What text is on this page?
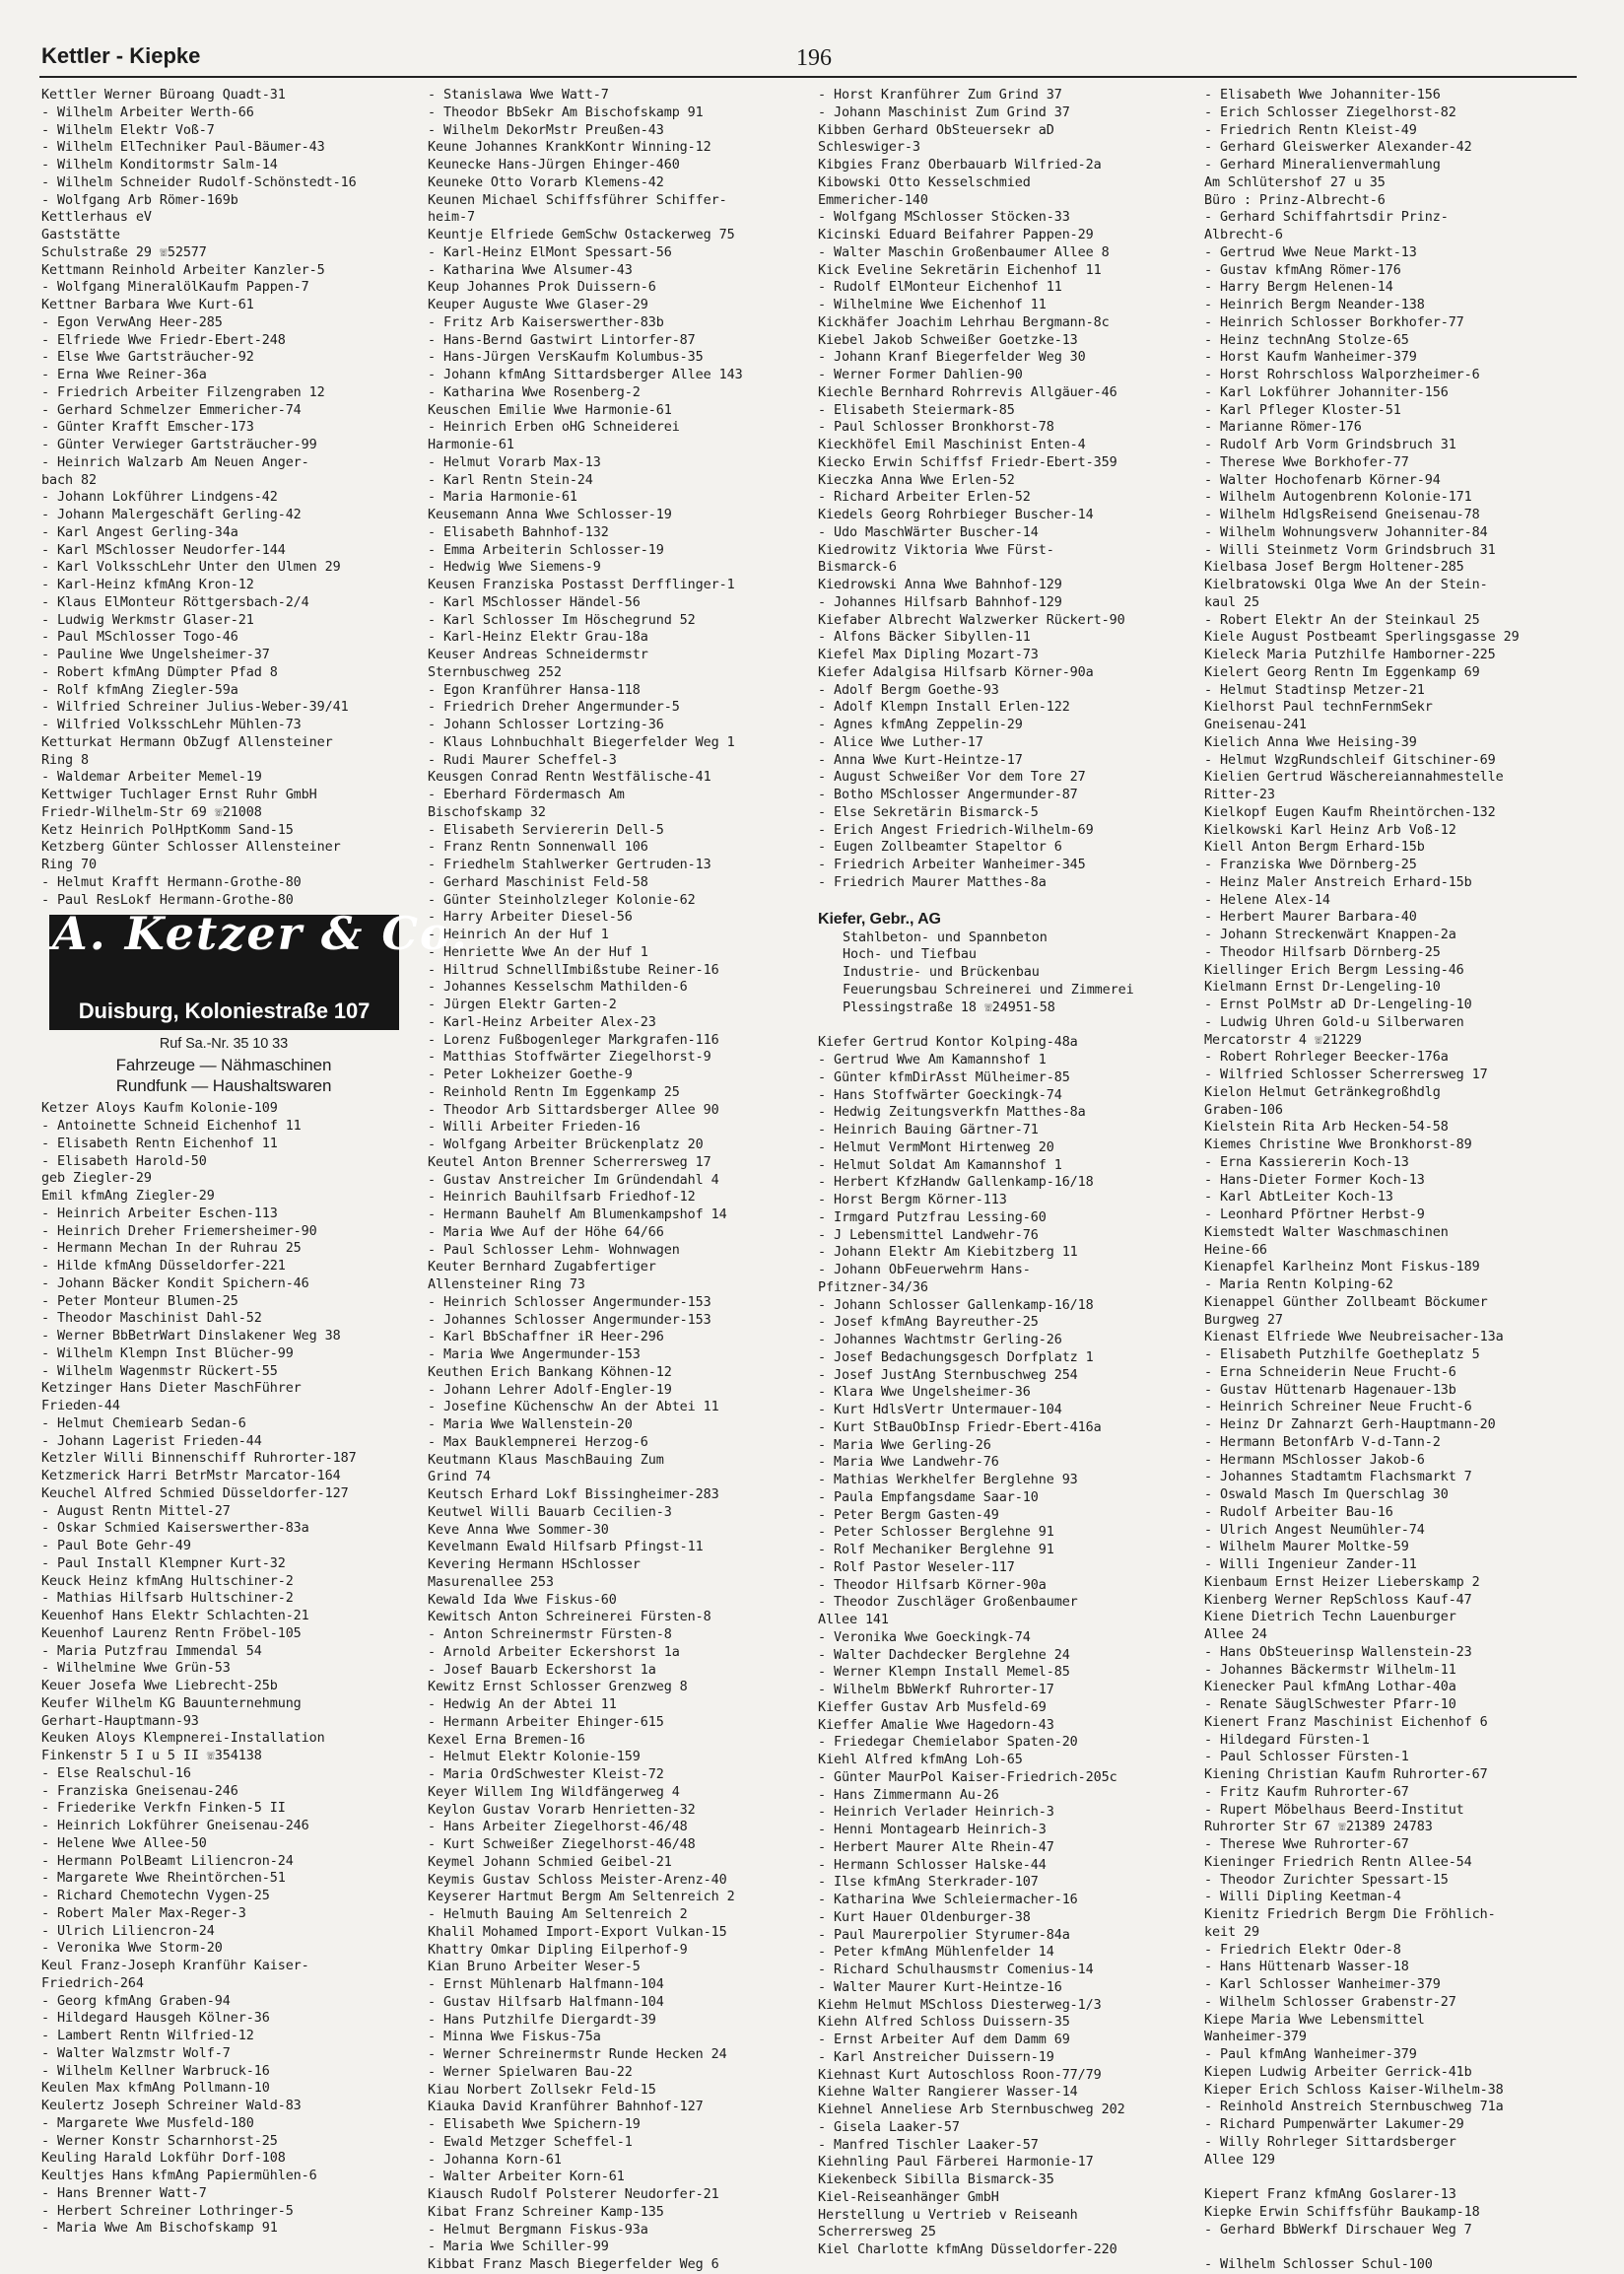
Kettler - Kiepke	196
Kettler Werner Büroang Quadt-31
- Wilhelm Arbeiter Werth-66
- Wilhelm Elektr Voß-7
- Wilhelm ElTechniker Paul-Bäumer-43
- Wilhelm Konditormstr Salm-14
- Wilhelm Schneider Rudolf-Schönstedt-16
- Wolfgang Arb Römer-169b
Kettlerhaus eV
Gaststätte
Schulstraße 29 ☏52577
Kettmann Reinhold Arbeiter Kanzler-5
- Wolfgang MineralölKaufm Pappen-7
Kettner Barbara Wwe Kurt-61
- Egon VerwAng Heer-285
- Elfriede Wwe Friedr-Ebert-248
- Else Wwe Gartsträucher-92
- Erna Wwe Reiner-36a
- Friedrich Arbeiter Filzengraben 12
- Gerhard Schmelzer Emmericher-74
- Günter Krafft Emscher-173
- Günter Verwieger Gartsträucher-99
- Heinrich Walzarb Am Neuen Anger-
bach 82
- Johann Lokführer Lindgens-42
- Johann Malergeschäft Gerling-42
- Karl Angest Gerling-34a
- Karl MSchlosser Neudorfer-144
- Karl VolksschLehr Unter den Ulmen 29
- Karl-Heinz kfmAng Kron-12
- Klaus ElMonteur Röttgersbach-2/4
- Ludwig Werkmstr Glaser-21
- Paul MSchlosser Togo-46
- Pauline Wwe Ungelsheimer-37
- Robert kfmAng Dümpter Pfad 8
- Rolf kfmAng Ziegler-59a
- Wilfried Schreiner Julius-Weber-39/41
- Wilfried VolksschLehr Mühlen-73
Ketturkat Hermann ObZugf Allensteiner
Ring 8
- Waldemar Arbeiter Memel-19
Kettwiger Tuchlager Ernst Ruhr GmbH
Friedr-Wilhelm-Str 69 ☏21008
Ketz Heinrich PolHptKomm Sand-15
Ketzberg Günter Schlosser Allensteiner
Ring 70
- Helmut Krafft Hermann-Grothe-80
- Paul ResLokf Hermann-Grothe-80
A. Ketzer & Co.
Duisburg, Koloniestraße 107
Ruf Sa.-Nr. 35 10 33
Fahrzeuge — Nähmaschinen
Rundfunk — Haushaltswaren
Ketzer Aloys Kaufm Kolonie-109
- Antoinette Schneid Eichenhof 11
- Elisabeth Rentn Eichenhof 11
- Elisabeth Harold-50
geb Ziegler-29
Emil kfmAng Ziegler-29
- Heinrich Arbeiter Eschen-113
- Heinrich Dreher Friemersheimer-90
- Hermann Mechan In der Ruhrau 25
- Hilde kfmAng Düsseldorfer-221
- Johann Bäcker Kondit Spichern-46
- Peter Monteur Blumen-25
- Theodor Maschinist Dahl-52
- Werner BbBetrWart Dinslakener Weg 38
- Wilhelm Klempn Inst Blücher-99
- Wilhelm Wagenmstr Rückert-55
Ketzinger Hans Dieter MaschFührer
Frieden-44
- Helmut Chemiearb Sedan-6
- Johann Lagerist Frieden-44
Ketzler Willi Binnenschiff Ruhrorter-187
Ketzmerick Harri BetrMstr Marcator-164
Keuchel Alfred Schmied Düsseldorfer-127
- August Rentn Mittel-27
- Oskar Schmied Kaiserswerther-83a
- Paul Bote Gehr-49
- Paul Install Klempner Kurt-32
Keuck Heinz kfmAng Hultschiner-2
- Mathias Hilfsarb Hultschiner-2
Keuenhof Hans Elektr Schlachten-21
Keuenhof Laurenz Rentn Fröbel-105
- Maria Putzfrau Immendal 54
- Wilhelmine Wwe Grün-53
Keuer Josefa Wwe Liebrecht-25b
Keufer Wilhelm KG Bauunternehmung
Gerhart-Hauptmann-93
Keuken Aloys Klempnerei-Installation
Finkenstr 5 I u 5 II ☏354138
- Else Realschul-16
- Franziska Gneisenau-246
- Friederike Verkfn Finken-5 II
- Heinrich Lokführer Gneisenau-246
- Helene Wwe Allee-50
- Hermann PolBeamt Liliencron-24
- Margarete Wwe Rheintörchen-51
- Richard Chemotechn Vygen-25
- Robert Maler Max-Reger-3
- Ulrich Liliencron-24
- Veronika Wwe Storm-20
Keul Franz-Joseph Kranführ Kaiser-
Friedrich-264
- Georg kfmAng Graben-94
- Hildegard Hausgeh Kölner-36
- Lambert Rentn Wilfried-12
- Walter Walzmstr Wolf-7
- Wilhelm Kellner Warbruck-16
Keulen Max kfmAng Pollmann-10
Keulertz Joseph Schreiner Wald-83
- Margarete Wwe Musfeld-180
- Werner Konstr Scharnhorst-25
Keuling Harald Lokführ Dorf-108
Keultjes Hans kfmAng Papiermühlen-6
- Hans Brenner Watt-7
- Herbert Schreiner Lothringer-5
- Maria Wwe Am Bischofskamp 91
- Stanislawa Wwe Watt-7
- Theodor BbSekr Am Bischofskamp 91
- Wilhelm DekorMstr Preußen-43
Keune Johannes KrankKontr Winning-12
Keunecke Hans-Jürgen Ehinger-460
Keuneke Otto Vorarb Klemens-42
Keunen Michael Schiffsführer Schiffer-
heim-7
Keuntje Elfriede GemSchw Ostackerweg 75
- Karl-Heinz ElMont Spessart-56
- Katharina Wwe Alsumer-43
Keup Johannes Prok Duissern-6
Keuper Auguste Wwe Glaser-29
- Fritz Arb Kaiserswerther-83b
- Hans-Bernd Gastwirt Lintorfer-87
- Hans-Jürgen VersKaufm Kolumbus-35
- Johann kfmAng Sittardsberger Allee 143
- Katharina Wwe Rosenberg-2
Keuschen Emilie Wwe Harmonie-61
- Heinrich Erben oHG Schneiderei
Harmonie-61
- Helmut Vorarb Max-13
- Karl Rentn Stein-24
- Maria Harmonie-61
Keusemann Anna Wwe Schlosser-19
- Elisabeth Bahnhof-132
- Emma Arbeiterin Schlosser-19
- Hedwig Wwe Siemens-9
Keusen Franziska Postasst Derfflinger-1
- Karl MSchlosser Händel-56
- Karl Schlosser Im Höschegrund 52
- Karl-Heinz Elektr Grau-18a
Keuser Andreas Schneidermstr
Sternbuschweg 252
- Egon Kranführer Hansa-118
- Friedrich Dreher Angermunder-5
- Johann Schlosser Lortzing-36
- Klaus Lohnbuchhalt Biegerfelder Weg 1
- Rudi Maurer Scheffel-3
Keusgen Conrad Rentn Westfälische-41
- Eberhard Fördermasch Am
Bischofskamp 32
- Elisabeth Serviererin Dell-5
- Franz Rentn Sonnenwall 106
- Friedhelm Stahlwerker Gertruden-13
- Gerhard Maschinist Feld-58
- Günter Steinholzleger Kolonie-62
- Harry Arbeiter Diesel-56
- Heinrich An der Huf 1
- Henriette Wwe An der Huf 1
- Hiltrud SchnellImbißstube Reiner-16
- Johannes Kesselschm Mathilden-6
- Jürgen Elektr Garten-2
- Karl-Heinz Arbeiter Alex-23
- Lorenz Fußbogenleger Markgrafen-116
- Matthias Stoffwärter Ziegelhorst-9
- Peter Lokheizer Goethe-9
- Reinhold Rentn Im Eggenkamp 25
- Theodor Arb Sittardsberger Allee 90
- Willi Arbeiter Frieden-16
- Wolfgang Arbeiter Brückenplatz 20
Keutel Anton Brenner Scherrersweg 17
- Gustav Anstreicher Im Gründendahl 4
- Heinrich Bauhilfsarb Friedhof-12
- Hermann Bauhelf Am Blumenkampshof 14
- Maria Wwe Auf der Höhe 64/66
- Paul Schlosser Lehm- Wohnwagen
Keuter Bernhard Zugabfertiger
Allensteiner Ring 73
- Heinrich Schlosser Angermunder-153
- Johannes Schlosser Angermunder-153
- Karl BbSchaffner iR Heer-296
- Maria Wwe Angermunder-153
Keuthen Erich Bankang Köhnen-12
- Johann Lehrer Adolf-Engler-19
- Josefine Küchenschw An der Abtei 11
- Maria Wwe Wallenstein-20
- Max Bauklempnerei Herzog-6
Keutmann Klaus MaschBauing Zum
Grind 74
Keutsch Erhard Lokf Bissingheimer-283
Keutwel Willi Bauarb Cecilien-3
Keve Anna Wwe Sommer-30
Kevelmann Ewald Hilfsarb Pfingst-11
Kevering Hermann HSchlosser
Masurenallee 253
Kewald Ida Wwe Fiskus-60
Kewitsch Anton Schreinerei Fürsten-8
- Anton Schreinermstr Fürsten-8
- Arnold Arbeiter Eckershorst 1a
- Josef Bauarb Eckershorst 1a
Kewitz Ernst Schlosser Grenzweg 8
- Hedwig An der Abtei 11
- Hermann Arbeiter Ehinger-615
Kexel Erna Bremen-16
- Helmut Elektr Kolonie-159
- Maria OrdSchwester Kleist-72
Keyer Willem Ing Wildfängerweg 4
Keylon Gustav Vorarb Henrietten-32
- Hans Arbeiter Ziegelhorst-46/48
- Kurt Schweißer Ziegelhorst-46/48
Keymel Johann Schmied Geibel-21
Keymis Gustav Schloss Meister-Arenz-40
Keyserer Hartmut Bergm Am Seltenreich 2
- Helmuth Bauing Am Seltenreich 2
Khalil Mohamed Import-Export Vulkan-15
Khattry Omkar Dipling Eilperhof-9
Kian Bruno Arbeiter Weser-5
- Ernst Mühlenarb Halfmann-104
- Gustav Hilfsarb Halfmann-104
- Hans Putzhilfe Diergardt-39
- Minna Wwe Fiskus-75a
- Werner Schreinermstr Runde Hecken 24
- Werner Spielwaren Bau-22
Kiau Norbert Zollsekr Feld-15
Kiauka David Kranführer Bahnhof-127
- Elisabeth Wwe Spichern-19
- Ewald Metzger Scheffel-1
- Johanna Korn-61
- Walter Arbeiter Korn-61
Kiausch Rudolf Polsterer Neudorfer-21
Kibat Franz Schreiner Kamp-135
- Helmut Bergmann Fiskus-93a
- Maria Wwe Schiller-99
Kibbat Franz Masch Biegerfelder Weg 6
- Horst Kranführer Zum Grind 37
- Johann Maschinist Zum Grind 37
Kibben Gerhard ObSteuersekr aD
Schleswiger-3
Kibgies Franz Oberbauarb Wilfried-2a
Kibowski Otto Kesselschmied
Emmericher-140
- Wolfgang MSchlosser Stöcken-33
Kicinski Eduard Beifahrer Pappen-29
- Walter Maschin Großenbaumer Allee 8
Kick Eveline Sekretärin Eichenhof 11
- Rudolf ElMonteur Eichenhof 11
- Wilhelmine Wwe Eichenhof 11
Kickhäfer Joachim Lehrhau Bergmann-8c
Kiebel Jakob Schweißer Goetzke-13
- Johann Kranf Biegerfelder Weg 30
- Werner Former Dahlien-90
Kiechle Bernhard Rohrrevis Allgäuer-46
- Elisabeth Steiermark-85
- Paul Schlosser Bronkhorst-78
Kieckhöfel Emil Maschinist Enten-4
Kiecko Erwin Schiffsf Friedr-Ebert-359
Kieczka Anna Wwe Erlen-52
- Richard Arbeiter Erlen-52
Kiedels Georg Rohrbieger Buscher-14
- Udo MaschWärter Buscher-14
Kiedrowitz Viktoria Wwe Fürst-
Bismarck-6
Kiedrowski Anna Wwe Bahnhof-129
- Johannes Hilfsarb Bahnhof-129
Kiefaber Albrecht Walzwerker Rückert-90
- Alfons Bäcker Sibyllen-11
Kiefel Max Dipling Mozart-73
Kiefer Adalgisa Hilfsarb Körner-90a
- Adolf Bergm Goethe-93
- Adolf Klempn Install Erlen-122
- Agnes kfmAng Zeppelin-29
- Alice Wwe Luther-17
- Anna Wwe Kurt-Heintze-17
- August Schweißer Vor dem Tore 27
- Botho MSchlosser Angermunder-87
- Else Sekretärin Bismarck-5
- Erich Angest Friedrich-Wilhelm-69
- Eugen Zollbeamter Stapeltor 6
- Friedrich Arbeiter Wanheimer-345
- Friedrich Maurer Matthes-8a
Kiefer, Gebr., AG
Stahlbeton- und Spannbeton
Hoch- und Tiefbau
Industrie- und Brückenbau
Feuerungsbau Schreinerei und Zimmerei
Plessingstraße 18 ☏24951-58
Kiefer Gertrud Kontor Kolping-48a
- Gertrud Wwe Am Kamannshof 1
- Günter kfmDirAsst Mülheimer-85
- Hans Stoffwärter Goeckingk-74
- Hedwig Zeitungsverkfn Matthes-8a
- Heinrich Bauing Gärtner-71
- Helmut VermMont Hirtenweg 20
- Helmut Soldat Am Kamannshof 1
- Herbert KfzHandw Gallenkamp-16/18
- Horst Bergm Körner-113
- Irmgard Putzfrau Lessing-60
- J Lebensmittel Landwehr-76
- Johann Elektr Am Kiebitzberg 11
- Johann ObFeuerwehrm Hans-
Pfitzner-34/36
- Johann Schlosser Gallenkamp-16/18
- Josef kfmAng Bayreuther-25
- Johannes Wachtmstr Gerling-26
- Josef Bedachungsgesch Dorfplatz 1
- Josef JustAng Sternbuschweg 254
- Klara Wwe Ungelsheimer-36
- Kurt HdlsVertr Untermauer-104
- Kurt StBauObInsp Friedr-Ebert-416a
- Maria Wwe Gerling-26
- Maria Wwe Landwehr-76
- Mathias Werkhelfer Berglehne 93
- Paula Empfangsdame Saar-10
- Peter Bergm Gasten-49
- Peter Schlosser Berglehne 91
- Rolf Mechaniker Berglehne 91
- Rolf Pastor Weseler-117
- Theodor Hilfsarb Körner-90a
- Theodor Zuschläger Großenbaumer
Allee 141
- Veronika Wwe Goeckingk-74
- Walter Dachdecker Berglehne 24
- Werner Klempn Install Memel-85
- Wilhelm BbWerkf Ruhrorter-17
Kieffer Gustav Arb Musfeld-69
Kieffer Amalie Wwe Hagedorn-43
- Friedegar Chemielabor Spaten-20
Kiehl Alfred kfmAng Loh-65
- Günter MaurPol Kaiser-Friedrich-205c
- Hans Zimmermann Au-26
- Heinrich Verlader Heinrich-3
- Henni Montagearb Heinrich-3
- Herbert Maurer Alte Rhein-47
- Hermann Schlosser Halske-44
- Ilse kfmAng Sterkrader-107
- Katharina Wwe Schleiermacher-16
- Kurt Hauer Oldenburger-38
- Paul Maurerpolier Styrumer-84a
- Peter kfmAng Mühlenfelder 14
- Richard Schulhausmstr Comenius-14
- Walter Maurer Kurt-Heintze-16
Kiehm Helmut MSchloss Diesterweg-1/3
Kiehn Alfred Schloss Duissern-35
- Ernst Arbeiter Auf dem Damm 69
- Karl Anstreicher Duissern-19
Kiehnast Kurt Autoschloss Roon-77/79
Kiehne Walter Rangierer Wasser-14
Kiehnel Anneliese Arb Sternbuschweg 202
- Gisela Laaker-57
- Manfred Tischler Laaker-57
Kiehnling Paul Färberei Harmonie-17
Kiekenbeck Sibilla Bismarck-35
Kiel-Reiseanhänger GmbH
Herstellung u Vertrieb v Reiseanh
Scherrersweg 25
Kiel Charlotte kfmAng Düsseldorfer-220
- Elisabeth Wwe Johanniter-156
- Erich Schlosser Ziegelhorst-82
- Friedrich Rentn Kleist-49
- Gerhard Gleiswerker Alexander-42
- Gerhard Mineralienvermahlung
Am Schlütershof 27 u 35
Büro : Prinz-Albrecht-6
- Gerhard Schiffahrtsdir Prinz-
Albrecht-6
- Gertrud Wwe Neue Markt-13
- Gustav kfmAng Römer-176
- Harry Bergm Helenen-14
- Heinrich Bergm Neander-138
- Heinrich Schlosser Borkhofer-77
- Heinz technAng Stolze-65
- Horst Kaufm Wanheimer-379
- Horst Rohrschloss Walporzheimer-6
- Karl Lokführer Johanniter-156
- Karl Pfleger Kloster-51
- Marianne Römer-176
- Rudolf Arb Vorm Grindsbruch 31
- Therese Wwe Borkhofer-77
- Walter Hochofenarb Körner-94
- Wilhelm Autogenbrenn Kolonie-171
- Wilhelm HdlgsReisend Gneisenau-78
- Wilhelm Wohnungsverw Johanniter-84
- Willi Steinmetz Vorm Grindsbruch 31
Kielbasa Josef Bergm Holtener-285
Kielbratowski Olga Wwe An der Stein-
kaul 25
- Robert Elektr An der Steinkaul 25
Kiele August Postbeamt Sperlingsgasse 29
Kieleck Maria Putzhilfe Hamborner-225
Kielert Georg Rentn Im Eggenkamp 69
- Helmut Stadtinsp Metzer-21
Kielhorst Paul technFernmSekr
Gneisenau-241
Kielich Anna Wwe Heising-39
- Helmut WzgRundschleif Gitschiner-69
Kielien Gertrud Wäschereiannahmestelle
Ritter-23
Kielkopf Eugen Kaufm Rheintörchen-132
Kielkowski Karl Heinz Arb Voß-12
Kiell Anton Bergm Erhard-15b
- Franziska Wwe Dörnberg-25
- Heinz Maler Anstreich Erhard-15b
- Helene Alex-14
- Herbert Maurer Barbara-40
- Johann Streckenwärt Knappen-2a
- Theodor Hilfsarb Dörnberg-25
Kiellinger Erich Bergm Lessing-46
Kielmann Ernst Dr-Lengeling-10
- Ernst PolMstr aD Dr-Lengeling-10
- Ludwig Uhren Gold-u Silberwaren
Mercatorstr 4 ☏21229
- Robert Rohrleger Beecker-176a
- Wilfried Schlosser Scherrersweg 17
Kielon Helmut Getränkegroßhdlg
Graben-106
Kielstein Rita Arb Hecken-54-58
Kiemes Christine Wwe Bronkhorst-89
- Erna Kassiererin Koch-13
- Hans-Dieter Former Koch-13
- Karl AbtLeiter Koch-13
- Leonhard Pförtner Herbst-9
Kiemstedt Walter Waschmaschinen
Heine-66
Kienapfel Karlheinz Mont Fiskus-189
- Maria Rentn Kolping-62
Kienappel Günther Zollbeamt Böckumer
Burgweg 27
Kienast Elfriede Wwe Neubreisacher-13a
- Elisabeth Putzhilfe Goetheplatz 5
- Erna Schneiderin Neue Frucht-6
- Gustav Hüttenarb Hagenauer-13b
- Heinrich Schreiner Neue Frucht-6
- Heinz Dr Zahnarzt Gerh-Hauptmann-20
- Hermann BetonfArb V-d-Tann-2
- Hermann MSchlosser Jakob-6
- Johannes Stadtamtm Flachsmarkt 7
- Oswald Masch Im Querschlag 30
- Rudolf Arbeiter Bau-16
- Ulrich Angest Neumühler-74
- Wilhelm Maurer Moltke-59
- Willi Ingenieur Zander-11
Kienbaum Ernst Heizer Lieberskamp 2
Kienberg Werner RepSchloss Kauf-47
Kiene Dietrich Techn Lauenburger
Allee 24
- Hans ObSteuerinsp Wallenstein-23
- Johannes Bäckermstr Wilhelm-11
Kienecker Paul kfmAng Lothar-40a
- Renate SäuglSchwester Pfarr-10
Kienert Franz Maschinist Eichenhof 6
- Hildegard Fürsten-1
- Paul Schlosser Fürsten-1
Kiening Christian Kaufm Ruhrorter-67
- Fritz Kaufm Ruhrorter-67
- Rupert Möbelhaus Beerd-Institut
Ruhrorter Str 67 ☏21389 24783
- Therese Wwe Ruhrorter-67
Kieninger Friedrich Rentn Allee-54
- Theodor Zurichter Spessart-15
- Willi Dipling Keetman-4
Kienitz Friedrich Bergm Die Fröhlich-
keit 29
- Friedrich Elektr Oder-8
- Hans Hüttenarb Wasser-18
- Karl Schlosser Wanheimer-379
- Wilhelm Schlosser Grabenstr-27
Kiepe Maria Wwe Lebensmittel
Wanheimer-379
- Paul kfmAng Wanheimer-379
Kiepen Ludwig Arbeiter Gerrick-41b
Kieper Erich Schloss Kaiser-Wilhelm-38
- Reinhold Anstreich Sternbuschweg 71a
- Richard Pumpenwärter Lakumer-29
- Willy Rohrleger Sittardsberger
Allee 129

Kiepert Franz kfmAng Goslarer-13
Kiepke Erwin Schiffsführ Baukamp-18
- Gerhard BbWerkf Dirschauer Weg 7

- Wilhelm Schlosser Schul-100
